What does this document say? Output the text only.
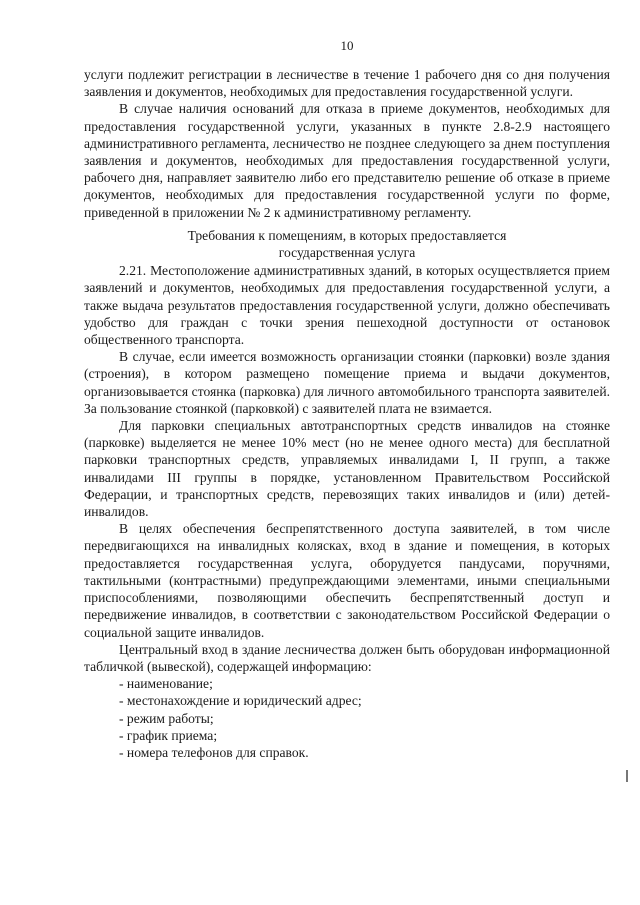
10

услуги подлежит регистрации в лесничестве в течение 1 рабочего дня со дня получения заявления и документов, необходимых для предоставления государственной услуги.

В случае наличия оснований для отказа в приеме документов, необходимых для предоставления государственной услуги, указанных в пункте 2.8-2.9 настоящего административного регламента, лесничество не позднее следующего за днем поступления заявления и документов, необходимых для предоставления государственной услуги, рабочего дня, направляет заявителю либо его представителю решение об отказе в приеме документов, необходимых для предоставления государственной услуги по форме, приведенной в приложении № 2 к административному регламенту.

Требования к помещениям, в которых предоставляется
государственная услуга

2.21. Местоположение административных зданий, в которых осуществляется прием заявлений и документов, необходимых для предоставления государственной услуги, а также выдача результатов предоставления государственной услуги, должно обеспечивать удобство для граждан с точки зрения пешеходной доступности от остановок общественного транспорта.

В случае, если имеется возможность организации стоянки (парковки) возле здания (строения), в котором размещено помещение приема и выдачи документов, организовывается стоянка (парковка) для личного автомобильного транспорта заявителей. За пользование стоянкой (парковкой) с заявителей плата не взимается.

Для парковки специальных автотранспортных средств инвалидов на стоянке (парковке) выделяется не менее 10% мест (но не менее одного места) для бесплатной парковки транспортных средств, управляемых инвалидами I, II групп, а также инвалидами III группы в порядке, установленном Правительством Российской Федерации, и транспортных средств, перевозящих таких инвалидов и (или) детей-инвалидов.

В целях обеспечения беспрепятственного доступа заявителей, в том числе передвигающихся на инвалидных колясках, вход в здание и помещения, в которых предоставляется государственная услуга, оборудуется пандусами, поручнями, тактильными (контрастными) предупреждающими элементами, иными специальными приспособлениями, позволяющими обеспечить беспрепятственный доступ и передвижение инвалидов, в соответствии с законодательством Российской Федерации о социальной защите инвалидов.

Центральный вход в здание лесничества должен быть оборудован информационной табличкой (вывеской), содержащей информацию:

- наименование;
- местонахождение и юридический адрес;
- режим работы;
- график приема;
- номера телефонов для справок.
